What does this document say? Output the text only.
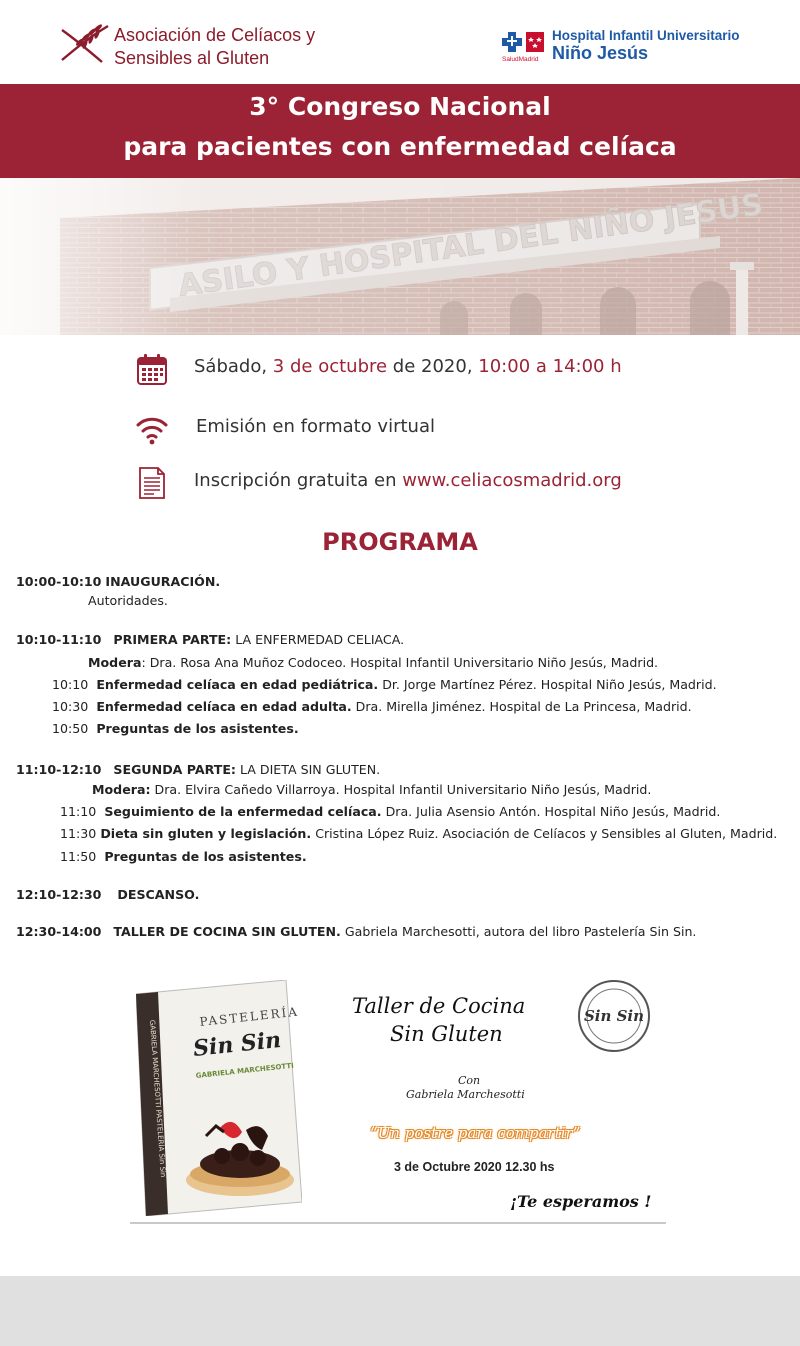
Asociación de Celíacos y
Sensibles al Gluten	SaludMadrid
Hospital Infantil Universitario
Niño Jesús
3° Congreso Nacional
para pacientes con enfermedad celíaca
Sábado, 3 de octubre de 2020, 10:00 a 14:00 h
Emisión en formato virtual
Inscripción gratuita en www.celiacosmadrid.org
PROGRAMA
10:00-10:10 INAUGURACIÓN.
Autoridades.
10:10-11:10 PRIMERA PARTE: LA ENFERMEDAD CELIACA.
Modera: Dra. Rosa Ana Muñoz Codoceo. Hospital Infantil Universitario Niño Jesús, Madrid.
10:10 Enfermedad celíaca en edad pediátrica. Dr. Jorge Martínez Pérez. Hospital Niño Jesús, Madrid.
10:30 Enfermedad celíaca en edad adulta. Dra. Mirella Jiménez. Hospital de La Princesa, Madrid.
10:50 Preguntas de los asistentes.
11:10-12:10 SEGUNDA PARTE: LA DIETA SIN GLUTEN.
Modera: Dra. Elvira Cañedo Villarroya. Hospital Infantil Universitario Niño Jesús, Madrid.
11:10 Seguimiento de la enfermedad celíaca. Dra. Julia Asensio Antón. Hospital Niño Jesús, Madrid.
11:30 Dieta sin gluten y legislación. Cristina López Ruiz. Asociación de Celíacos y Sensibles al Gluten, Madrid.
11:50 Preguntas de los asistentes.
12:10-12:30 DESCANSO.
12:30-14:00 TALLER DE COCINA SIN GLUTEN. Gabriela Marchesotti, autora del libro Pastelería Sin Sin.
GABRIELA MARCHESOTTI PASTELERÍA Sin Sin
PASTELERÍA
Sin Sin
GABRIELA MARCHESOTTI
Taller de Cocina
Sin Gluten
Con
Gabriela Marchesotti
“Un postre para compartir”
3 de Octubre 2020 12.30 hs
¡Te esperamos !
Sin Sin
